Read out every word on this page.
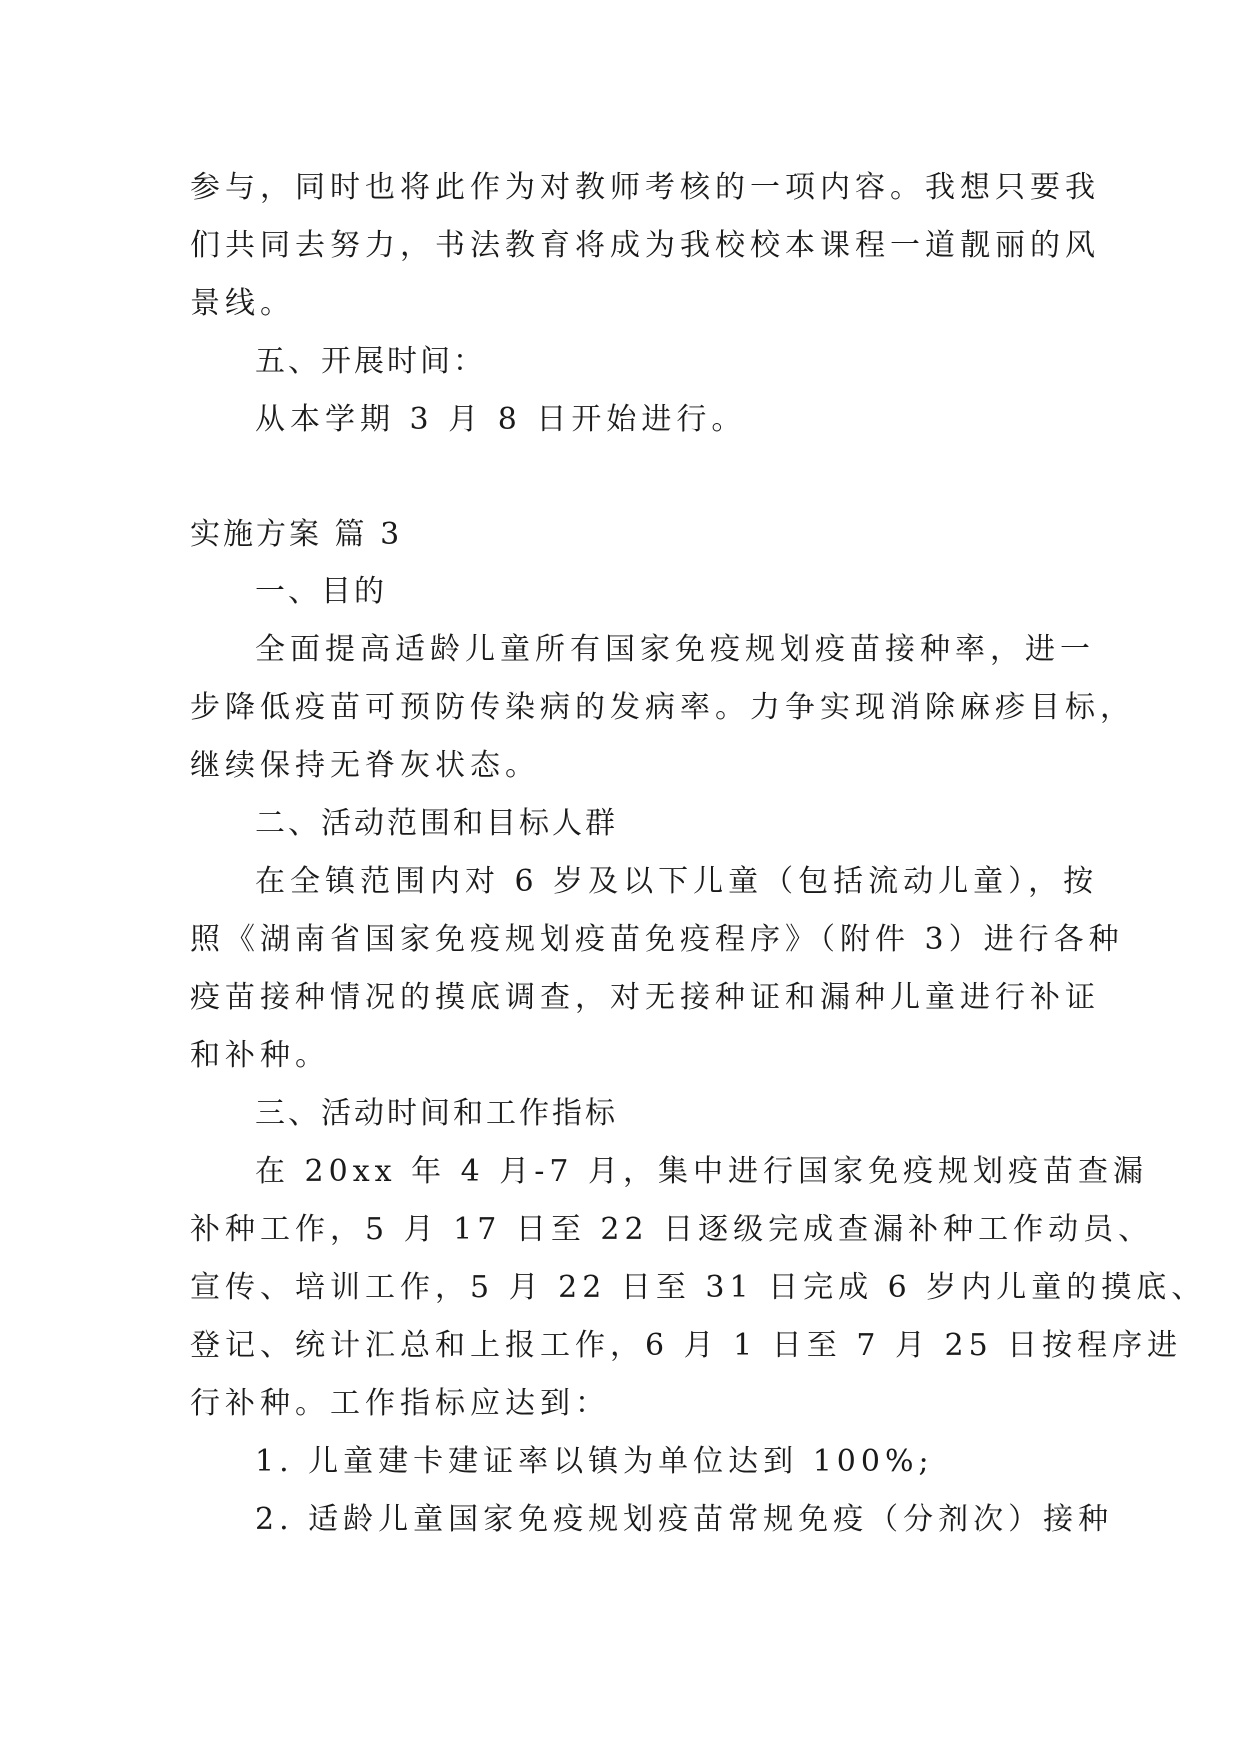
参与，同时也将此作为对教师考核的一项内容。我想只要我

们共同去努力，书法教育将成为我校校本课程一道靓丽的风

景线。

五、开展时间：

从本学期 3 月 8 日开始进行。

实施方案 篇 3

一、目的

全面提高适龄儿童所有国家免疫规划疫苗接种率，进一

步降低疫苗可预防传染病的发病率。力争实现消除麻疹目标，

继续保持无脊灰状态。

二、活动范围和目标人群

在全镇范围内对 6 岁及以下儿童（包括流动儿童），按

照《湖南省国家免疫规划疫苗免疫程序》（附件 3）进行各种

疫苗接种情况的摸底调查，对无接种证和漏种儿童进行补证

和补种。

三、活动时间和工作指标

在 20xx 年 4 月-7 月，集中进行国家免疫规划疫苗查漏

补种工作，5 月 17 日至 22 日逐级完成查漏补种工作动员、

宣传、培训工作，5 月 22 日至 31 日完成 6 岁内儿童的摸底、

登记、统计汇总和上报工作，6 月 1 日至 7 月 25 日按程序进

行补种。工作指标应达到：

1. 儿童建卡建证率以镇为单位达到 100%;

2. 适龄儿童国家免疫规划疫苗常规免疫（分剂次）接种
